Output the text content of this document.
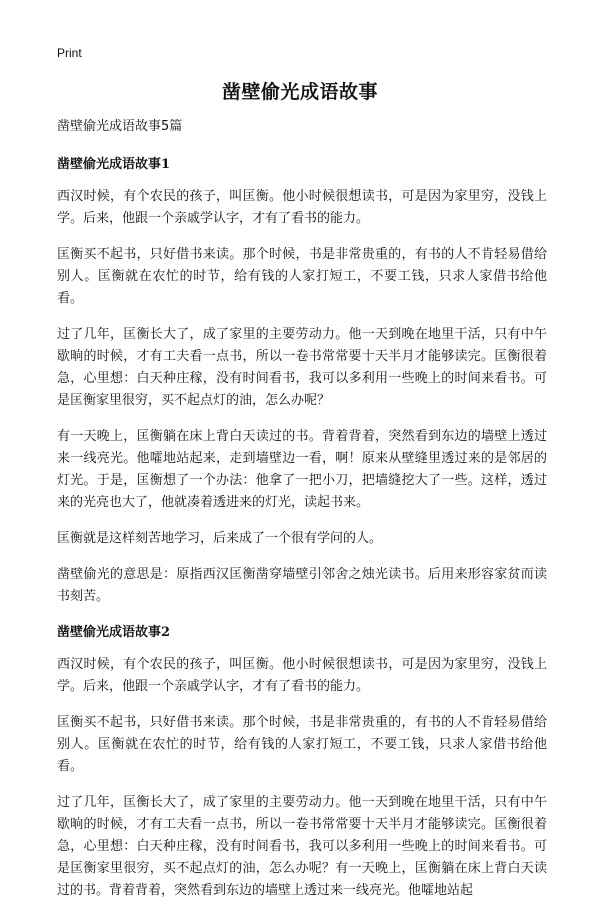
Print
凿壁偷光成语故事

凿壁偷光成语故事5篇

凿壁偷光成语故事1

西汉时候，有个农民的孩子，叫匡衡。他小时候很想读书，可是因为家里穷，没钱上学。后来，他跟一个亲戚学认字，才有了看书的能力。

匡衡买不起书，只好借书来读。那个时候，书是非常贵重的，有书的人不肯轻易借给别人。匡衡就在农忙的时节，给有钱的人家打短工，不要工钱，只求人家借书给他看。

过了几年，匡衡长大了，成了家里的主要劳动力。他一天到晚在地里干活，只有中午歇晌的时候，才有工夫看一点书，所以一卷书常常要十天半月才能够读完。匡衡很着急，心里想：白天种庄稼，没有时间看书，我可以多利用一些晚上的时间来看书。可是匡衡家里很穷，买不起点灯的油，怎么办呢？

有一天晚上，匡衡躺在床上背白天读过的书。背着背着，突然看到东边的墙壁上透过来一线亮光。他嚯地站起来，走到墙壁边一看，啊！原来从壁缝里透过来的是邻居的灯光。于是，匡衡想了一个办法：他拿了一把小刀，把墙缝挖大了一些。这样，透过来的光亮也大了，他就凑着透进来的灯光，读起书来。

匡衡就是这样刻苦地学习，后来成了一个很有学问的人。

凿壁偷光的意思是：原指西汉匡衡凿穿墙壁引邻舍之烛光读书。后用来形容家贫而读书刻苦。

凿壁偷光成语故事2

西汉时候，有个农民的孩子，叫匡衡。他小时候很想读书，可是因为家里穷，没钱上学。后来，他跟一个亲戚学认字，才有了看书的能力。

匡衡买不起书，只好借书来读。那个时候，书是非常贵重的，有书的人不肯轻易借给别人。匡衡就在农忙的时节，给有钱的人家打短工，不要工钱，只求人家借书给他看。

过了几年，匡衡长大了，成了家里的主要劳动力。他一天到晚在地里干活，只有中午歇晌的时候，才有工夫看一点书，所以一卷书常常要十天半月才能够读完。匡衡很着急，心里想：白天种庄稼，没有时间看书，我可以多利用一些晚上的时间来看书。可是匡衡家里很穷，买不起点灯的油，怎么办呢？有一天晚上，匡衡躺在床上背白天读过的书。背着背着，突然看到东边的墙壁上透过来一线亮光。他嚯地站起
